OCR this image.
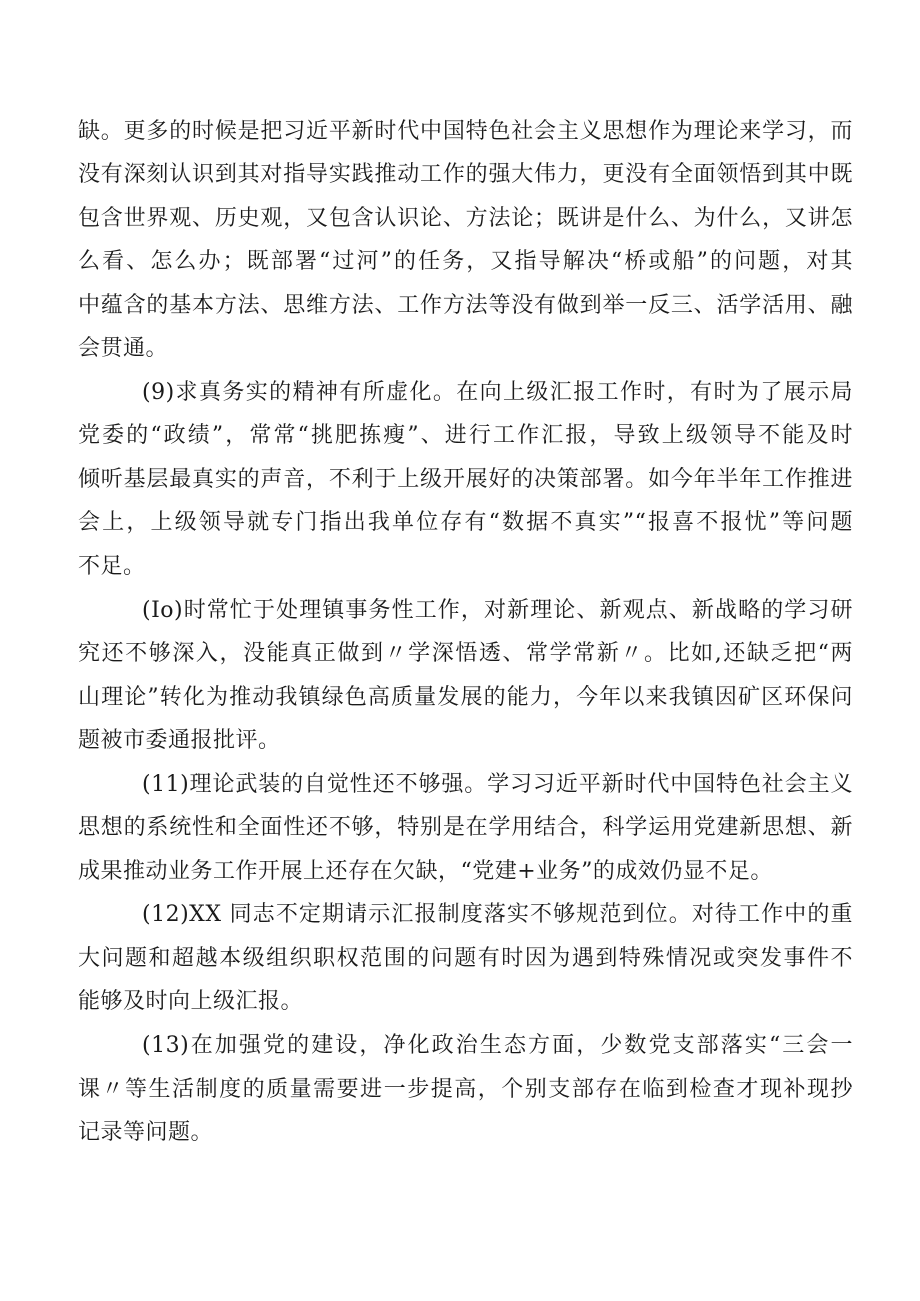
缺。更多的时候是把习近平新时代中国特色社会主义思想作为理论来学习，而
没有深刻认识到其对指导实践推动工作的强大伟力，更没有全面领悟到其中既
包含世界观、历史观，又包含认识论、方法论；既讲是什么、为什么，又讲怎
么看、怎么办；既部署“过河”的任务，又指导解决“桥或船”的问题，对其
中蕴含的基本方法、思维方法、工作方法等没有做到举一反三、活学活用、融
会贯通。
(9)求真务实的精神有所虚化。在向上级汇报工作时，有时为了展示局
党委的“政绩”，常常“挑肥拣瘦”、进行工作汇报，导致上级领导不能及时
倾听基层最真实的声音，不利于上级开展好的决策部署。如今年半年工作推进
会上，上级领导就专门指出我单位存有“数据不真实”“报喜不报忧”等问题
不足。
(Io)时常忙于处理镇事务性工作，对新理论、新观点、新战略的学习研
究还不够深入，没能真正做到〃学深悟透、常学常新〃。比如,还缺乏把“两
山理论”转化为推动我镇绿色高质量发展的能力，今年以来我镇因矿区环保问
题被市委通报批评。
(11)理论武装的自觉性还不够强。学习习近平新时代中国特色社会主义
思想的系统性和全面性还不够，特别是在学用结合，科学运用党建新思想、新
成果推动业务工作开展上还存在欠缺，“党建+业务”的成效仍显不足。
(12)XX 同志不定期请示汇报制度落实不够规范到位。对待工作中的重
大问题和超越本级组织职权范围的问题有时因为遇到特殊情况或突发事件不
能够及时向上级汇报。
(13)在加强党的建设，净化政治生态方面，少数党支部落实“三会一
课〃等生活制度的质量需要进一步提高，个别支部存在临到检查才现补现抄
记录等问题。
